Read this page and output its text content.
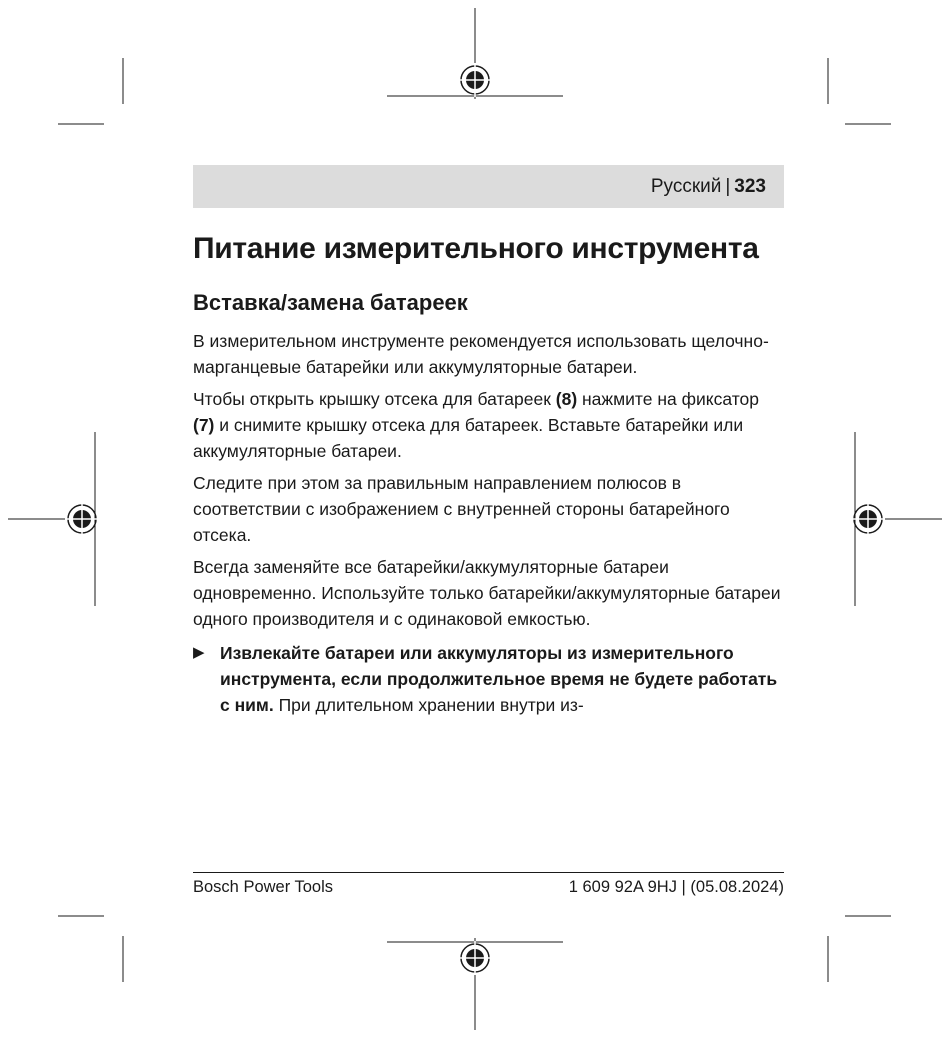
Русский | 323
Питание измерительного инструмента
Вставка/замена батареек

В измерительном инструменте рекомендуется использовать щелочно-марганцевые батарейки или аккумуляторные батареи.

Чтобы открыть крышку отсека для батареек (8) нажмите на фиксатор (7) и снимите крышку отсека для батареек. Вставьте батарейки или аккумуляторные батареи.

Следите при этом за правильным направлением полюсов в соответствии с изображением с внутренней стороны батарейного отсека.

Всегда заменяйте все батарейки/аккумуляторные батареи одновременно. Используйте только батарейки/аккумуляторные батареи одного производителя и с одинаковой емкостью.

▶ Извлекайте батареи или аккумуляторы из измерительного инструмента, если продолжительное время не будете работать с ним. При длительном хранении внутри из-
Bosch Power Tools	1 609 92A 9HJ | (05.08.2024)
